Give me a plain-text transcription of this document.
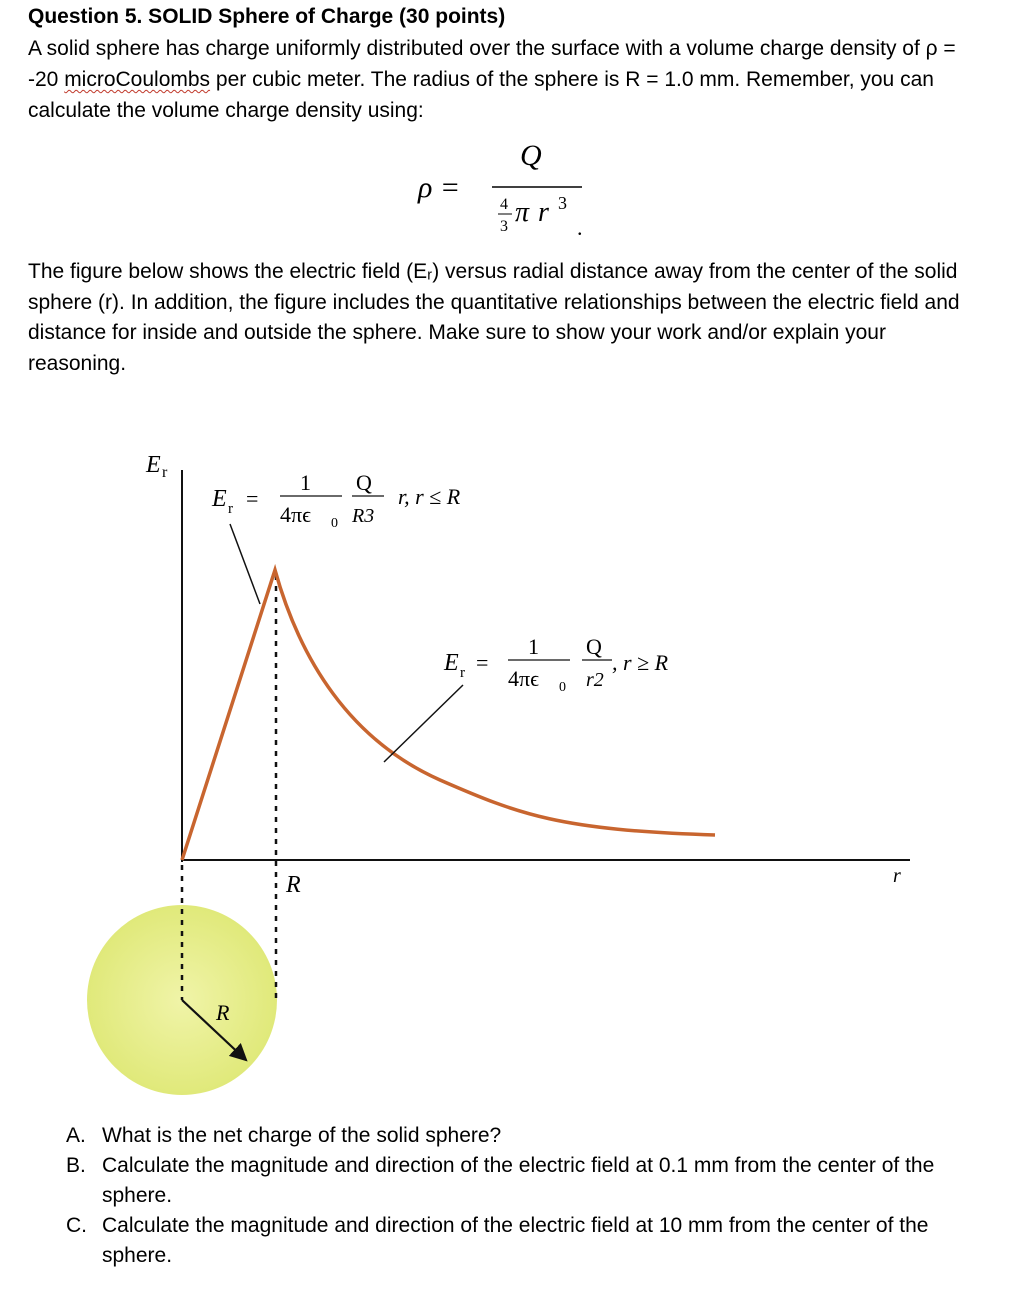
Question 5. SOLID Sphere of Charge (30 points)
A solid sphere has charge uniformly distributed over the surface with a volume charge density of ρ = -20 microCoulombs per cubic meter. The radius of the sphere is R = 1.0 mm. Remember, you can calculate the volume charge density using:
ρ =
Q
4
3 π r 3
.
The figure below shows the electric field (Eᵣ) versus radial distance away from the center of the solid sphere (r). In addition, the figure includes the quantitative relationships between the electric field and distance for inside and outside the sphere. Make sure to show your work and/or explain your reasoning.
R
E r
r
R
E r =
1
4πϵ 0
Q
R3
r, r ≤ R
E r =
1
4πϵ 0
Q
r2
, r ≥ R
A. What is the net charge of the solid sphere?
B. Calculate the magnitude and direction of the electric field at 0.1 mm from the center of the sphere.
C. Calculate the magnitude and direction of the electric field at 10 mm from the center of the sphere.
